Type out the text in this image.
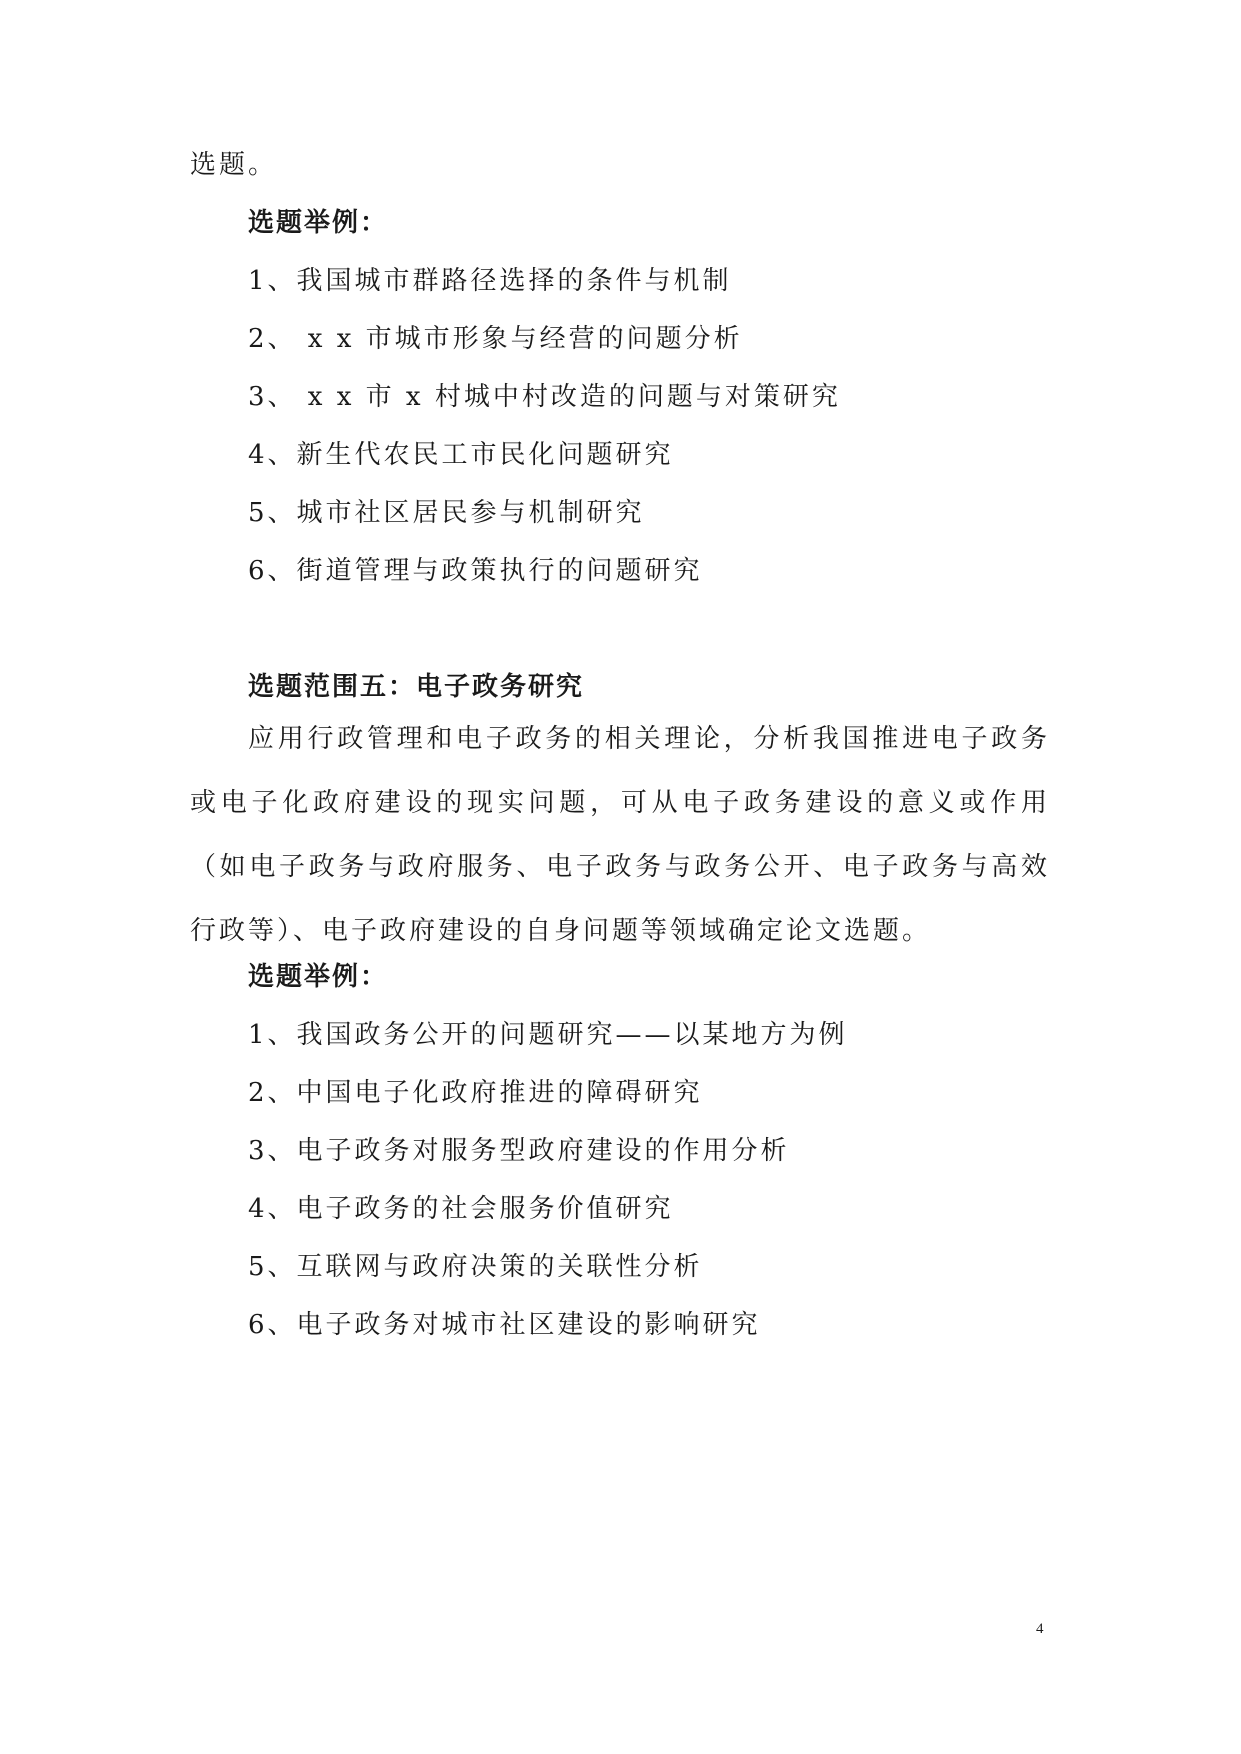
选题。
选题举例：
1、我国城市群路径选择的条件与机制
2、 x x 市城市形象与经营的问题分析
3、 x x 市 x 村城中村改造的问题与对策研究
4、新生代农民工市民化问题研究
5、城市社区居民参与机制研究
6、街道管理与政策执行的问题研究
选题范围五：电子政务研究

应用行政管理和电子政务的相关理论，分析我国推进电子政务或电子化政府建设的现实问题，可从电子政务建设的意义或作用（如电子政务与政府服务、电子政务与政务公开、电子政务与高效行政等）、电子政府建设的自身问题等领域确定论文选题。

选题举例：
1、我国政务公开的问题研究——以某地方为例
2、中国电子化政府推进的障碍研究
3、电子政务对服务型政府建设的作用分析
4、电子政务的社会服务价值研究
5、互联网与政府决策的关联性分析
6、电子政务对城市社区建设的影响研究
4
